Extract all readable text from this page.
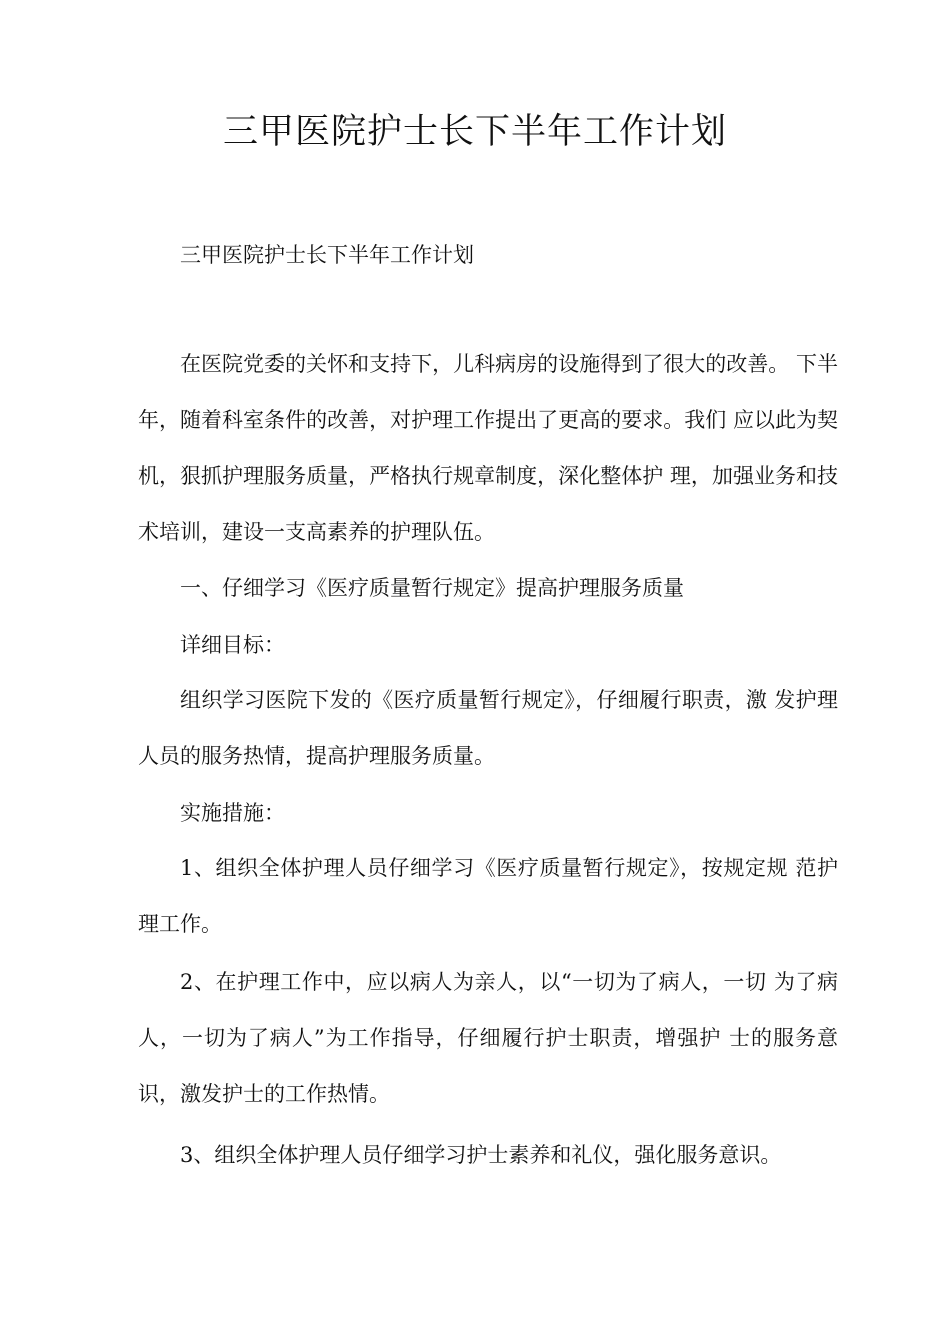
三甲医院护士长下半年工作计划

三甲医院护士长下半年工作计划

在医院党委的关怀和支持下，儿科病房的设施得到了很大的改善。 下半年，随着科室条件的改善，对护理工作提出了更高的要求。我们 应以此为契机，狠抓护理服务质量，严格执行规章制度，深化整体护 理，加强业务和技术培训，建设一支高素养的护理队伍。

一、仔细学习《医疗质量暂行规定》提高护理服务质量

详细目标：

组织学习医院下发的《医疗质量暂行规定》，仔细履行职责，激 发护理人员的服务热情，提高护理服务质量。

实施措施：

1、组织全体护理人员仔细学习《医疗质量暂行规定》，按规定规 范护理工作。

2、在护理工作中，应以病人为亲人，以“一切为了病人，一切 为了病人，一切为了病人”为工作指导，仔细履行护士职责，增强护 士的服务意识，激发护士的工作热情。

3、组织全体护理人员仔细学习护士素养和礼仪，强化服务意识。
